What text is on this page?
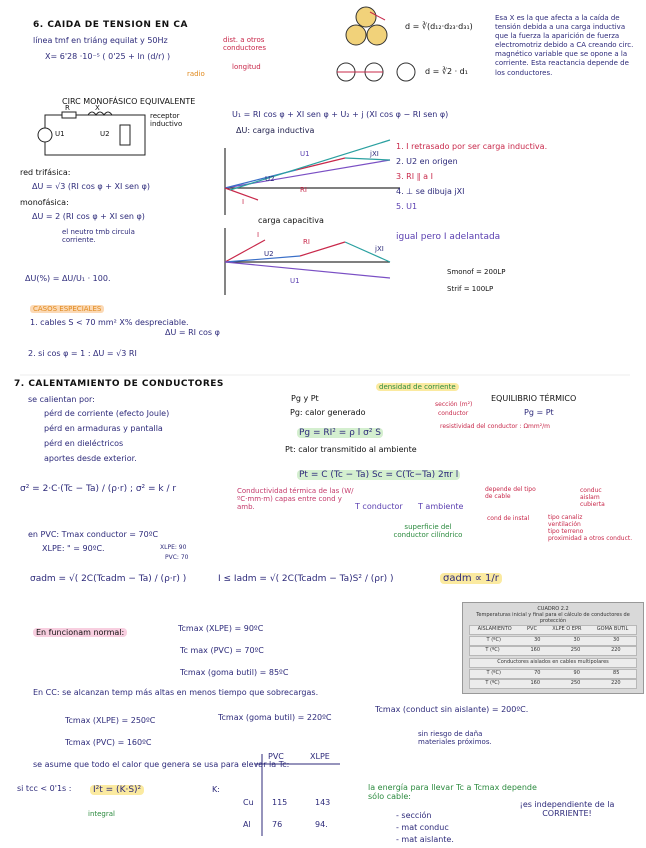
6. CAIDA DE TENSION EN CA
línea tmf en triáng equilat y 50Hz	dist. a otros conductores
X= 6'28 ·10⁻⁵ ( 0'25 + ln (d/r) )
radio
longitud
d = ∛(d₁₂·d₂₃·d₃₁)
d = ∛2 · d₁
Esa X es la que afecta a la caída de tensión debida a una carga inductiva que la fuerza la aparición de fuerza electromotriz debido a CA creando circ. magnético variable que se opone a la corriente. Esta reactancia depende de los conductores.
CIRC MONOFÁSICO EQUIVALENTE
receptor inductivo
U1	U2
R	X
U₁ = RI cos φ + XI sen φ + U₂ + j (XI cos φ − RI sen φ)
ΔU: carga inductiva
red trifásica:
ΔU = √3 (RI cos φ + XI sen φ)
monofásica:
ΔU = 2 (RI cos φ + XI sen φ)
el neutro tmb circula corriente.
ΔU(%) = ΔU/U₁ · 100.
U1
U2
jXI
RI
I
carga capacitiva
I
RI
U2
jXI
U1
1. I retrasado por ser carga inductiva.
2. U2 en origen
3. RI ∥ a I
4. ⊥ se dibuja jXI
5. U1
igual pero I adelantada
Smonof = 200LP
Strif = 100LP
CASOS ESPECIALES
1. cables S < 70 mm² X% despreciable.
ΔU = RI cos φ
2. si cos φ = 1 : ΔU = √3 RI
7. CALENTAMIENTO DE CONDUCTORES
se calientan por:
pérd de corriente (efecto Joule)
pérd en armaduras y pantalla
pérd en dieléctricos
aportes desde exterior.
Pg y Pt
densidad de corriente
EQUILIBRIO TÉRMICO
Pg = Pt
Pg: calor generado
sección (m²)
conductor
resistividad del conductor : Ωmm²/m
Pg = RI² = ρ l σ² S
Pt: calor transmitido al ambiente
Pt = C (Tc − Ta) Sc = C(Tc−Ta) 2πr l
depende del tipo de cable
cond de instal
conduc
aislam
cubierta
tipo canaliz
ventilación
tipo terreno
proximidad a otros conduct.
Conductividad térmica de las (W/ºC·mm·m) capas entre cond y amb.	T conductor T ambiente
superficie del conductor cilíndrico
σ² = 2·C·(Tc − Ta) / (ρ·r) ; σ² = k / r
en PVC: Tmax conductor = 70ºC
XLPE: " = 90ºC.	XLPE: 90
PVC: 70
σadm = √( 2C(Tcadm − Ta) / (ρ·r) )	I ≤ Iadm = √( 2C(Tcadm − Ta)S² / (ρr) )	σadm ∝ 1/r
En funcionam normal:	Tcmax (XLPE) = 90ºC
Tc max (PVC) = 70ºC
Tcmax (goma butil) = 85ºC
En CC: se alcanzan temp más altas en menos tiempo que sobrecargas.
Tcmax (XLPE) = 250ºC	Tcmax (goma butil) = 220ºC
Tcmax (conduct sin aislante) = 200ºC.
sin riesgo de daña materiales próximos.
Tcmax (PVC) = 160ºC
se asume que todo el calor que genera se usa para elevar la Tc:
si tcc < 0'1s :	I²t = (K·S)²
integral
K:
PVC	XLPE
Cu 115	143
Al	76	94.
la energía para llevar Tc a Tcmax depende sólo cable:
- sección
- mat conduc
- mat aislante.
¡es independiente de la CORRIENTE!
CUADRO 2.2
Temperaturas inicial y final para el cálculo de conductores de protección
AISLAMIENTO	PVC	XLPE O EPR	GOMA BUTIL
T (ºC)	30	30	30
T (ºC)	160	250	220
Conductores aislados en cables multipolares
T (ºC)	70	90	85
T (ºC)	160	250	220
